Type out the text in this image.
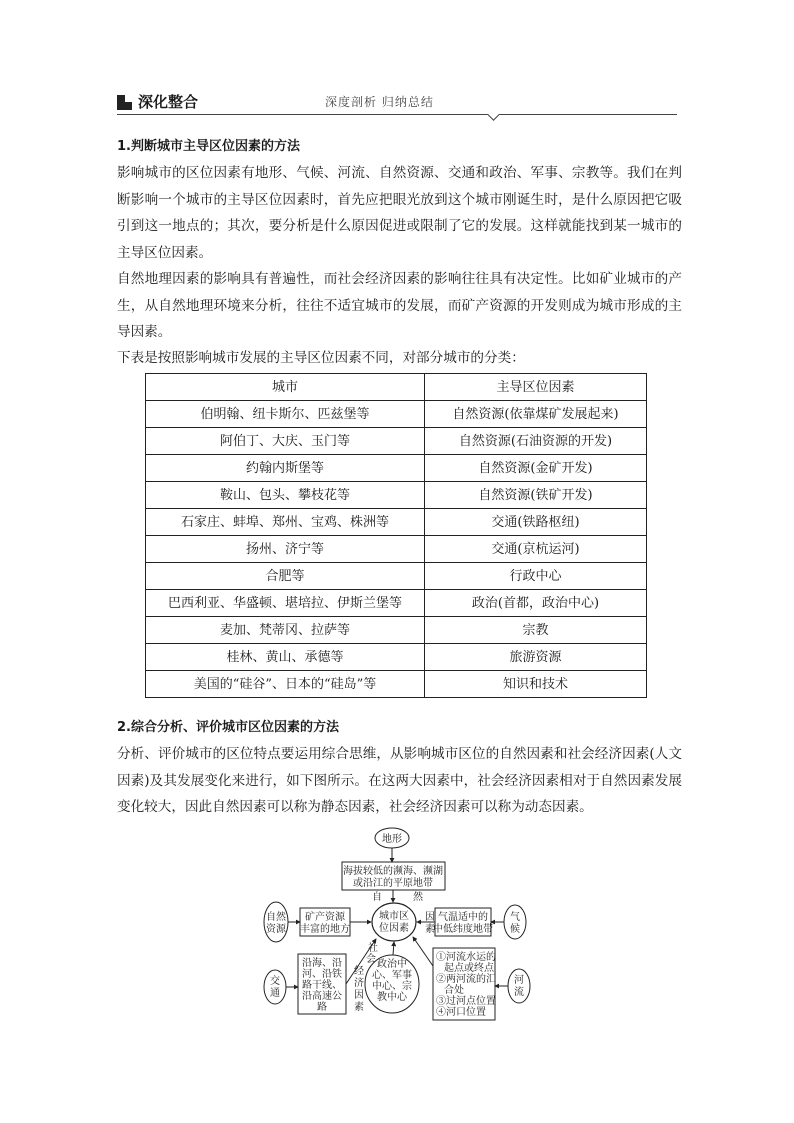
深化整合	深度剖析 归纳总结
1.判断城市主导区位因素的方法

影响城市的区位因素有地形、气候、河流、自然资源、交通和政治、军事、宗教等。我们在判断影响一个城市的主导区位因素时，首先应把眼光放到这个城市刚诞生时，是什么原因把它吸引到这一地点的；其次，要分析是什么原因促进或限制了它的发展。这样就能找到某一城市的主导区位因素。

自然地理因素的影响具有普遍性，而社会经济因素的影响往往具有决定性。比如矿业城市的产生，从自然地理环境来分析，往往不适宜城市的发展，而矿产资源的开发则成为城市形成的主导因素。

下表是按照影响城市发展的主导区位因素不同，对部分城市的分类：

城市	主导区位因素
伯明翰、纽卡斯尔、匹兹堡等	自然资源(依靠煤矿发展起来)
阿伯丁、大庆、玉门等	自然资源(石油资源的开发)
约翰内斯堡等	自然资源(金矿开发)
鞍山、包头、攀枝花等	自然资源(铁矿开发)
石家庄、蚌埠、郑州、宝鸡、株洲等	交通(铁路枢纽)
扬州、济宁等	交通(京杭运河)
合肥等	行政中心
巴西利亚、华盛顿、堪培拉、伊斯兰堡等	政治(首都，政治中心)
麦加、梵蒂冈、拉萨等	宗教
桂林、黄山、承德等	旅游资源
美国的“硅谷”、日本的“硅岛”等	知识和技术
2.综合分析、评价城市区位因素的方法

分析、评价城市的区位特点要运用综合思维，从影响城市区位的自然因素和社会经济因素(人文因素)及其发展变化来进行，如下图所示。在这两大因素中，社会经济因素相对于自然因素发展变化较大，因此自然因素可以称为静态因素，社会经济因素可以称为动态因素。

地形
海拔较低的濒海、濒湖
或沿江的平原地带
自然
资源
矿产资源
丰富的地方
城市区
位因素
自	然
因
素
气
候
气温适中的
中低纬度地带
社
会
经
济
因
素
交
通
沿海、沿
河、沿铁
路干线、
沿高速公
路
政治中
心、军事
中心、宗
教中心
①河流水运的
起点或终点
②两河流的汇
合处
③过河点位置
④河口位置
河
流
